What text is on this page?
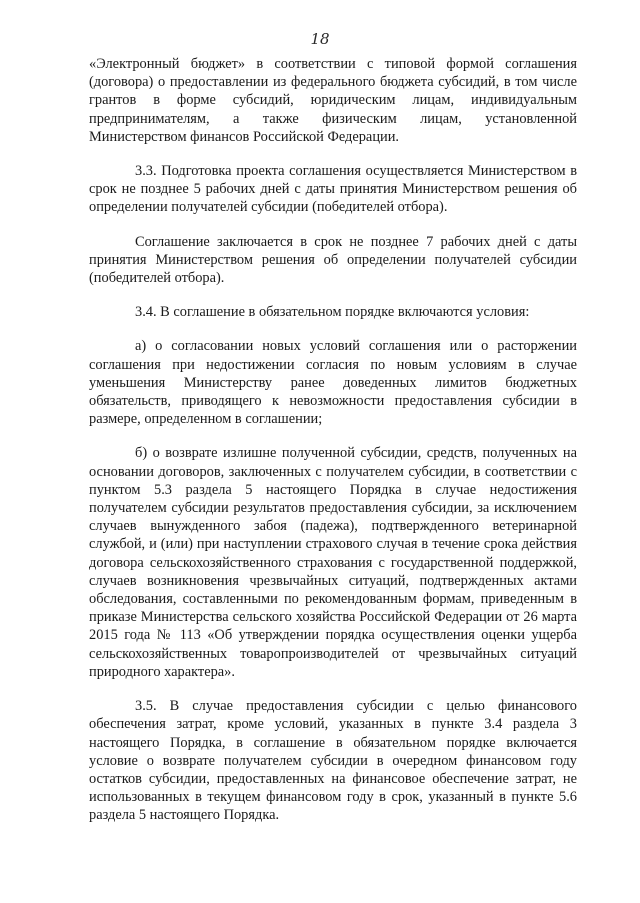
18

«Электронный бюджет» в соответствии с типовой формой соглашения (договора) о предоставлении из федерального бюджета субсидий, в том числе грантов в форме субсидий, юридическим лицам, индивидуальным предпринимателям, а также физическим лицам, установленной Министерством финансов Российской Федерации.

3.3. Подготовка проекта соглашения осуществляется Министерством в срок не позднее 5 рабочих дней с даты принятия Министерством решения об определении получателей субсидии (победителей отбора).

Соглашение заключается в срок не позднее 7 рабочих дней с даты принятия Министерством решения об определении получателей субсидии (победителей отбора).

3.4. В соглашение в обязательном порядке включаются условия:

а) о согласовании новых условий соглашения или о расторжении соглашения при недостижении согласия по новым условиям в случае уменьшения Министерству ранее доведенных лимитов бюджетных обязательств, приводящего к невозможности предоставления субсидии в размере, определенном в соглашении;

б) о возврате излишне полученной субсидии, средств, полученных на основании договоров, заключенных с получателем субсидии, в соответствии с пунктом 5.3 раздела 5 настоящего Порядка в случае недостижения получателем субсидии результатов предоставления субсидии, за исключением случаев вынужденного забоя (падежа), подтвержденного ветеринарной службой, и (или) при наступлении страхового случая в течение срока действия договора сельскохозяйственного страхования с государственной поддержкой, случаев возникновения чрезвычайных ситуаций, подтвержденных актами обследования, составленными по рекомендованным формам, приведенным в приказе Министерства сельского хозяйства Российской Федерации от 26 марта 2015 года № 113 «Об утверждении порядка осуществления оценки ущерба сельскохозяйственных товаропроизводителей от чрезвычайных ситуаций природного характера».

3.5. В случае предоставления субсидии с целью финансового обеспечения затрат, кроме условий, указанных в пункте 3.4 раздела 3 настоящего Порядка, в соглашение в обязательном порядке включается условие о возврате получателем субсидии в очередном финансовом году остатков субсидии, предоставленных на финансовое обеспечение затрат, не использованных в текущем финансовом году в срок, указанный в пункте 5.6 раздела 5 настоящего Порядка.
